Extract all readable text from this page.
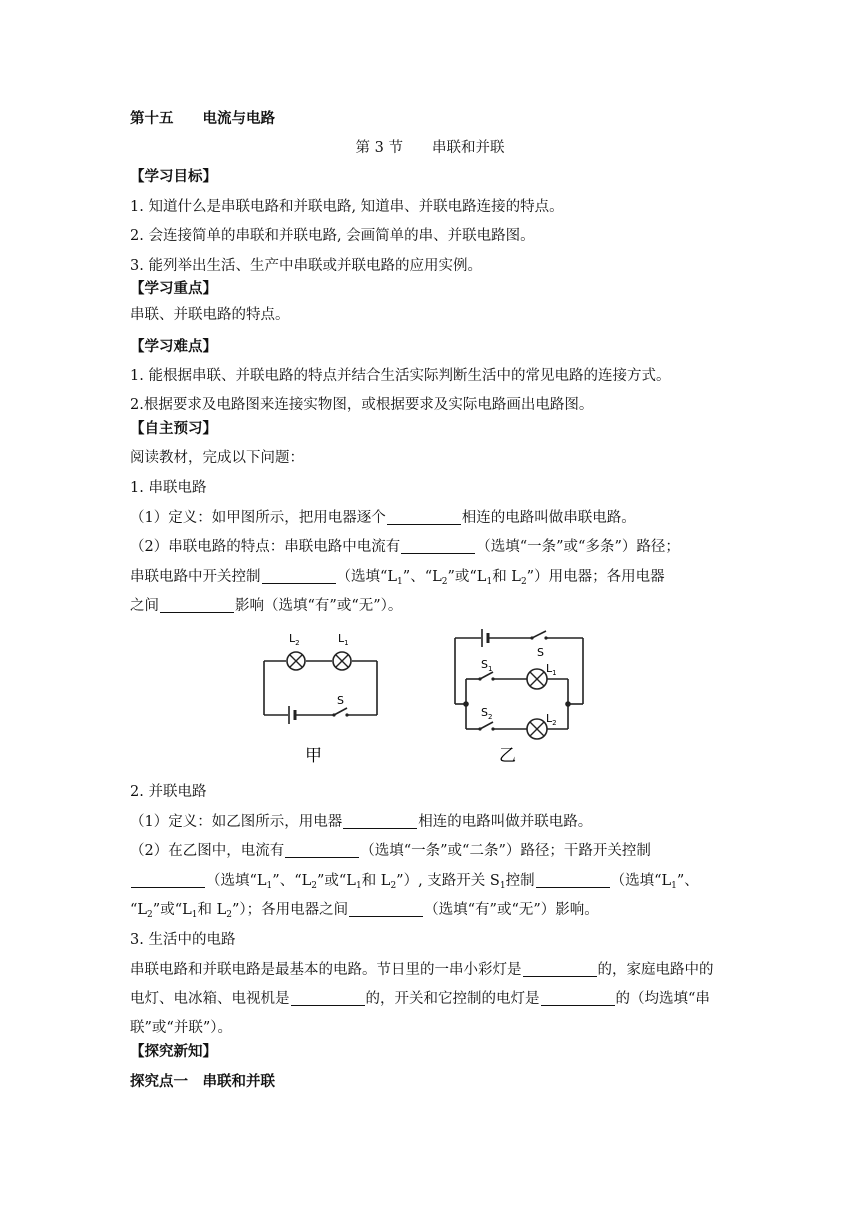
第十五　　电流与电路
第 3 节　　串联和并联
【学习目标】
1. 知道什么是串联电路和并联电路, 知道串、并联电路连接的特点。
2. 会连接简单的串联和并联电路, 会画简单的串、并联电路图。
3. 能列举出生活、生产中串联或并联电路的应用实例。
【学习重点】
串联、并联电路的特点。
【学习难点】
1. 能根据串联、并联电路的特点并结合生活实际判断生活中的常见电路的连接方式。
2.根据要求及电路图来连接实物图，或根据要求及实际电路画出电路图。
【自主预习】
阅读教材，完成以下问题：
1. 串联电路
（1）定义：如甲图所示，把用电器逐个	相连的电路叫做串联电路。
（2）串联电路的特点：串联电路中电流有	（选填“一条”或“多条”）路径；
串联电路中开关控制	（选填“$L_1$”、“$L_2$”或“$L_1$和 $L_2$”）用电器；各用电器
之间	影响（选填“有”或“无”）。
$L_2$	$L_1$
S
甲
S
$S_1$
$S_2$
$L_1$
$L_2$
乙
2. 并联电路
（1）定义：如乙图所示，用电器	相连的电路叫做并联电路。
（2）在乙图中，电流有	（选填“一条”或“二条”）路径；干路开关控制
（选填“$L_1$”、“$L_2$”或“$L_1$和 $L_2$”）, 支路开关 $S_1$控制	（选填“$L_1$”、
“$L_2$”或“$L_1$和 $L_2$”）；各用电器之间	（选填“有”或“无”）影响。
3. 生活中的电路
串联电路和并联电路是最基本的电路。节日里的一串小彩灯是	的，家庭电路中的
电灯、电冰箱、电视机是	的，开关和它控制的电灯是	的（均选填“串
联”或“并联”）。
【探究新知】
探究点一　串联和并联
